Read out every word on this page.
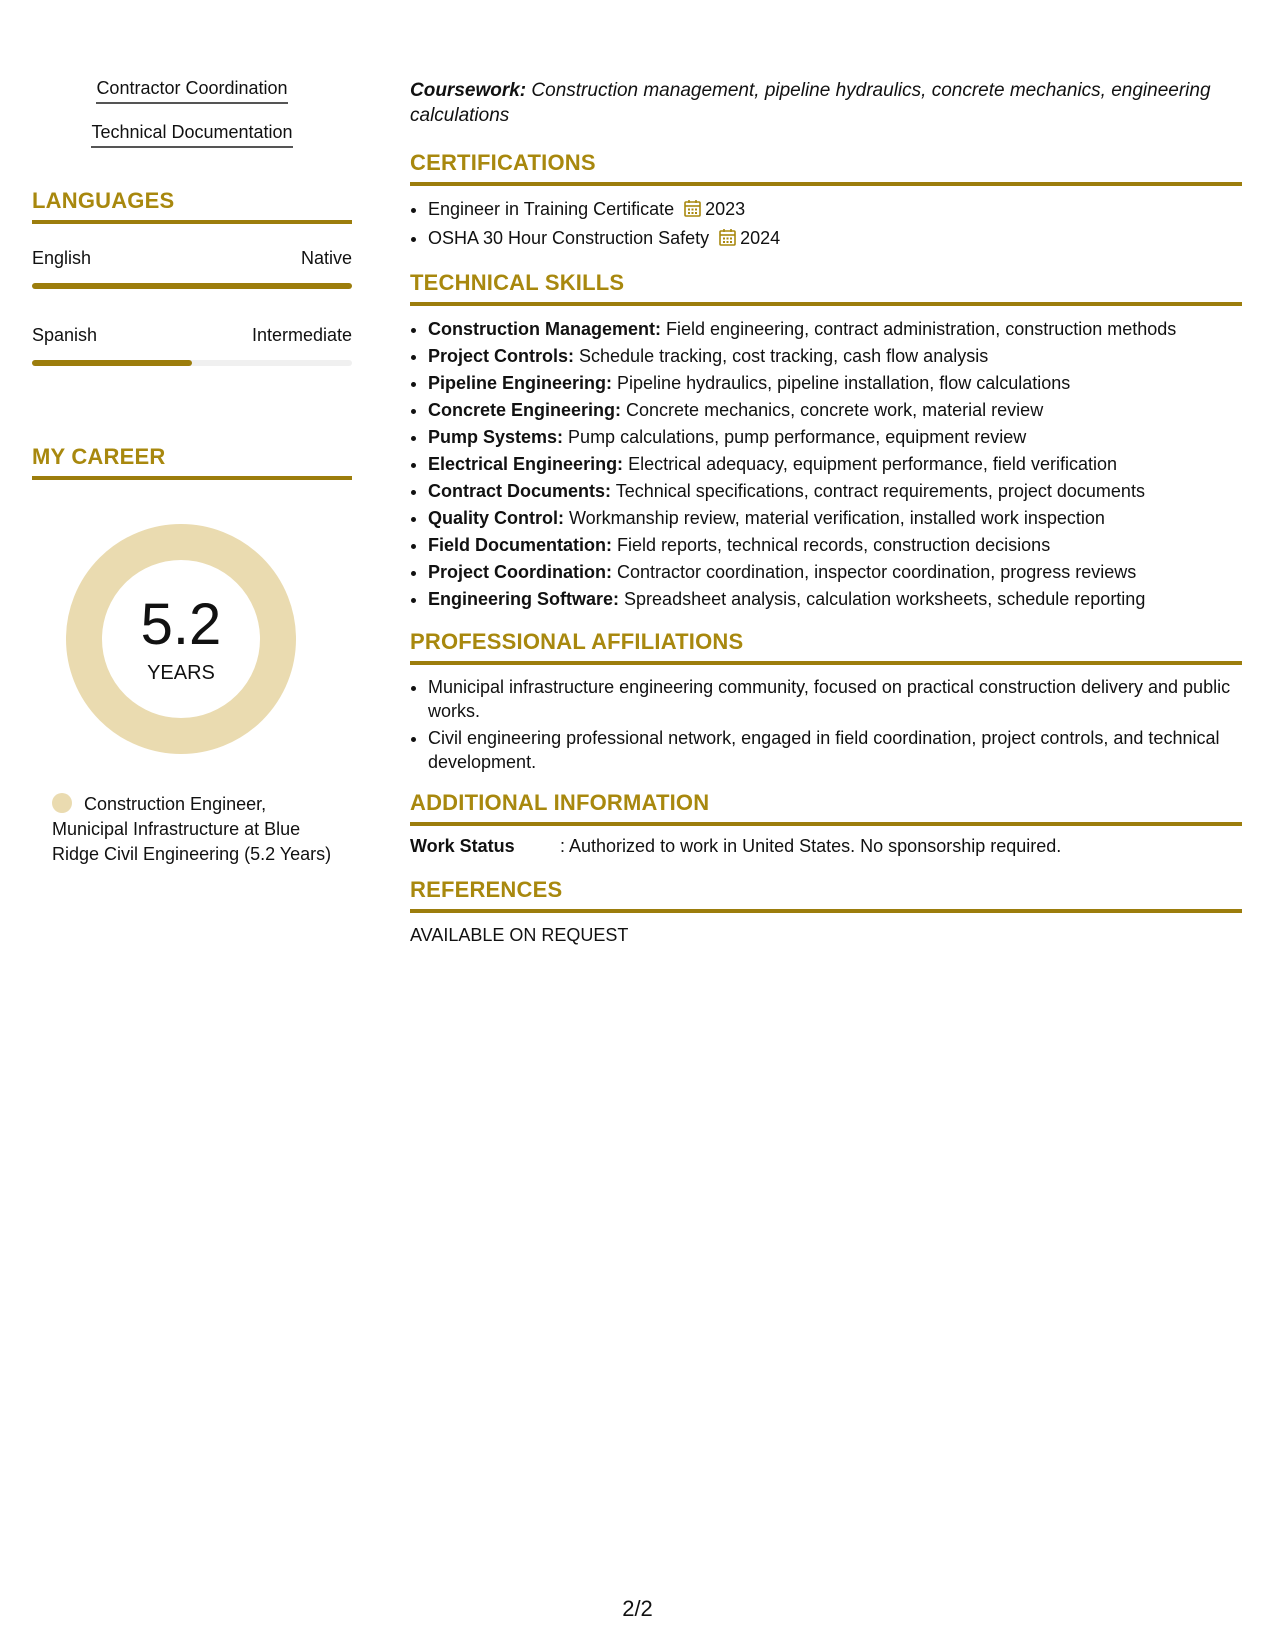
Contractor Coordination
Technical Documentation
LANGUAGES
English	Native
Spanish	Intermediate
MY CAREER
5.2
YEARS
Construction Engineer, Municipal Infrastructure at Blue Ridge Civil Engineering (5.2 Years)
Coursework: Construction management, pipeline hydraulics, concrete mechanics, engineering calculations
CERTIFICATIONS
• Engineer in Training Certificate 2023
• OSHA 30 Hour Construction Safety 2024
TECHNICAL SKILLS
• Construction Management: Field engineering, contract administration, construction methods
• Project Controls: Schedule tracking, cost tracking, cash flow analysis
• Pipeline Engineering: Pipeline hydraulics, pipeline installation, flow calculations
• Concrete Engineering: Concrete mechanics, concrete work, material review
• Pump Systems: Pump calculations, pump performance, equipment review
• Electrical Engineering: Electrical adequacy, equipment performance, field verification
• Contract Documents: Technical specifications, contract requirements, project documents
• Quality Control: Workmanship review, material verification, installed work inspection
• Field Documentation: Field reports, technical records, construction decisions
• Project Coordination: Contractor coordination, inspector coordination, progress reviews
• Engineering Software: Spreadsheet analysis, calculation worksheets, schedule reporting
PROFESSIONAL AFFILIATIONS
• Municipal infrastructure engineering community, focused on practical construction delivery and public works.
• Civil engineering professional network, engaged in field coordination, project controls, and technical development.
ADDITIONAL INFORMATION
Work Status	: Authorized to work in United States. No sponsorship required.
REFERENCES
AVAILABLE ON REQUEST
2/2
